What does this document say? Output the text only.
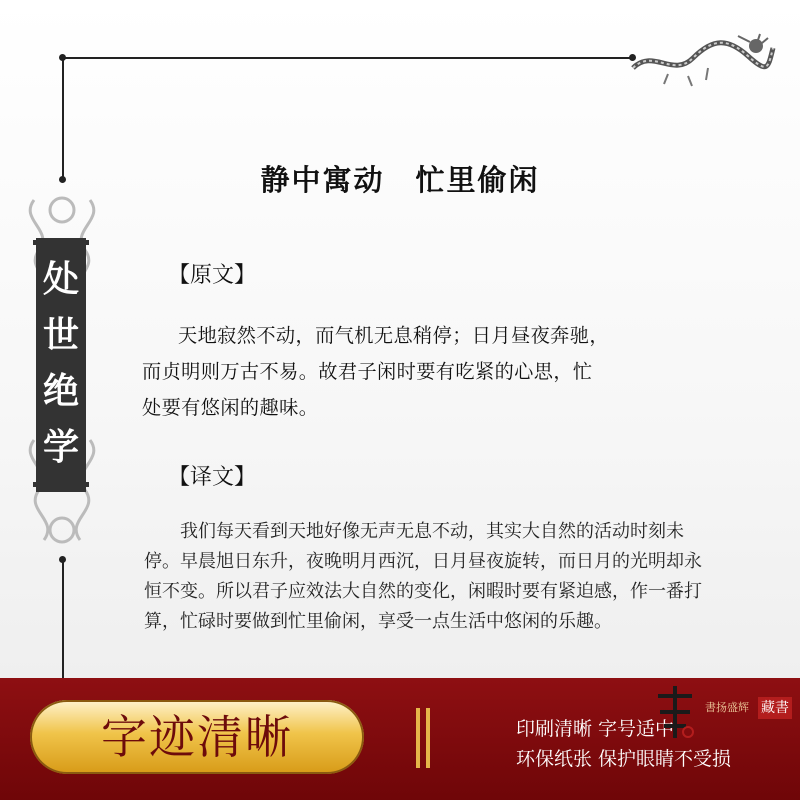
处
世
绝
学
静中寓动　忙里偷闲
【原文】

天地寂然不动，而气机无息稍停；日月昼夜奔驰，

而贞明则万古不易。故君子闲时要有吃紧的心思，忙

处要有悠闲的趣味。

【译文】

我们每天看到天地好像无声无息不动，其实大自然的活动时刻未

停。早晨旭日东升，夜晚明月西沉，日月昼夜旋转，而日月的光明却永

恒不变。所以君子应效法大自然的变化，闲暇时要有紧迫感，作一番打

算，忙碌时要做到忙里偷闲，享受一点生活中悠闲的乐趣。

字迹清晰	印刷清晰 字号适中
环保纸张 保护眼睛不受损
書扬盛辉 藏書
